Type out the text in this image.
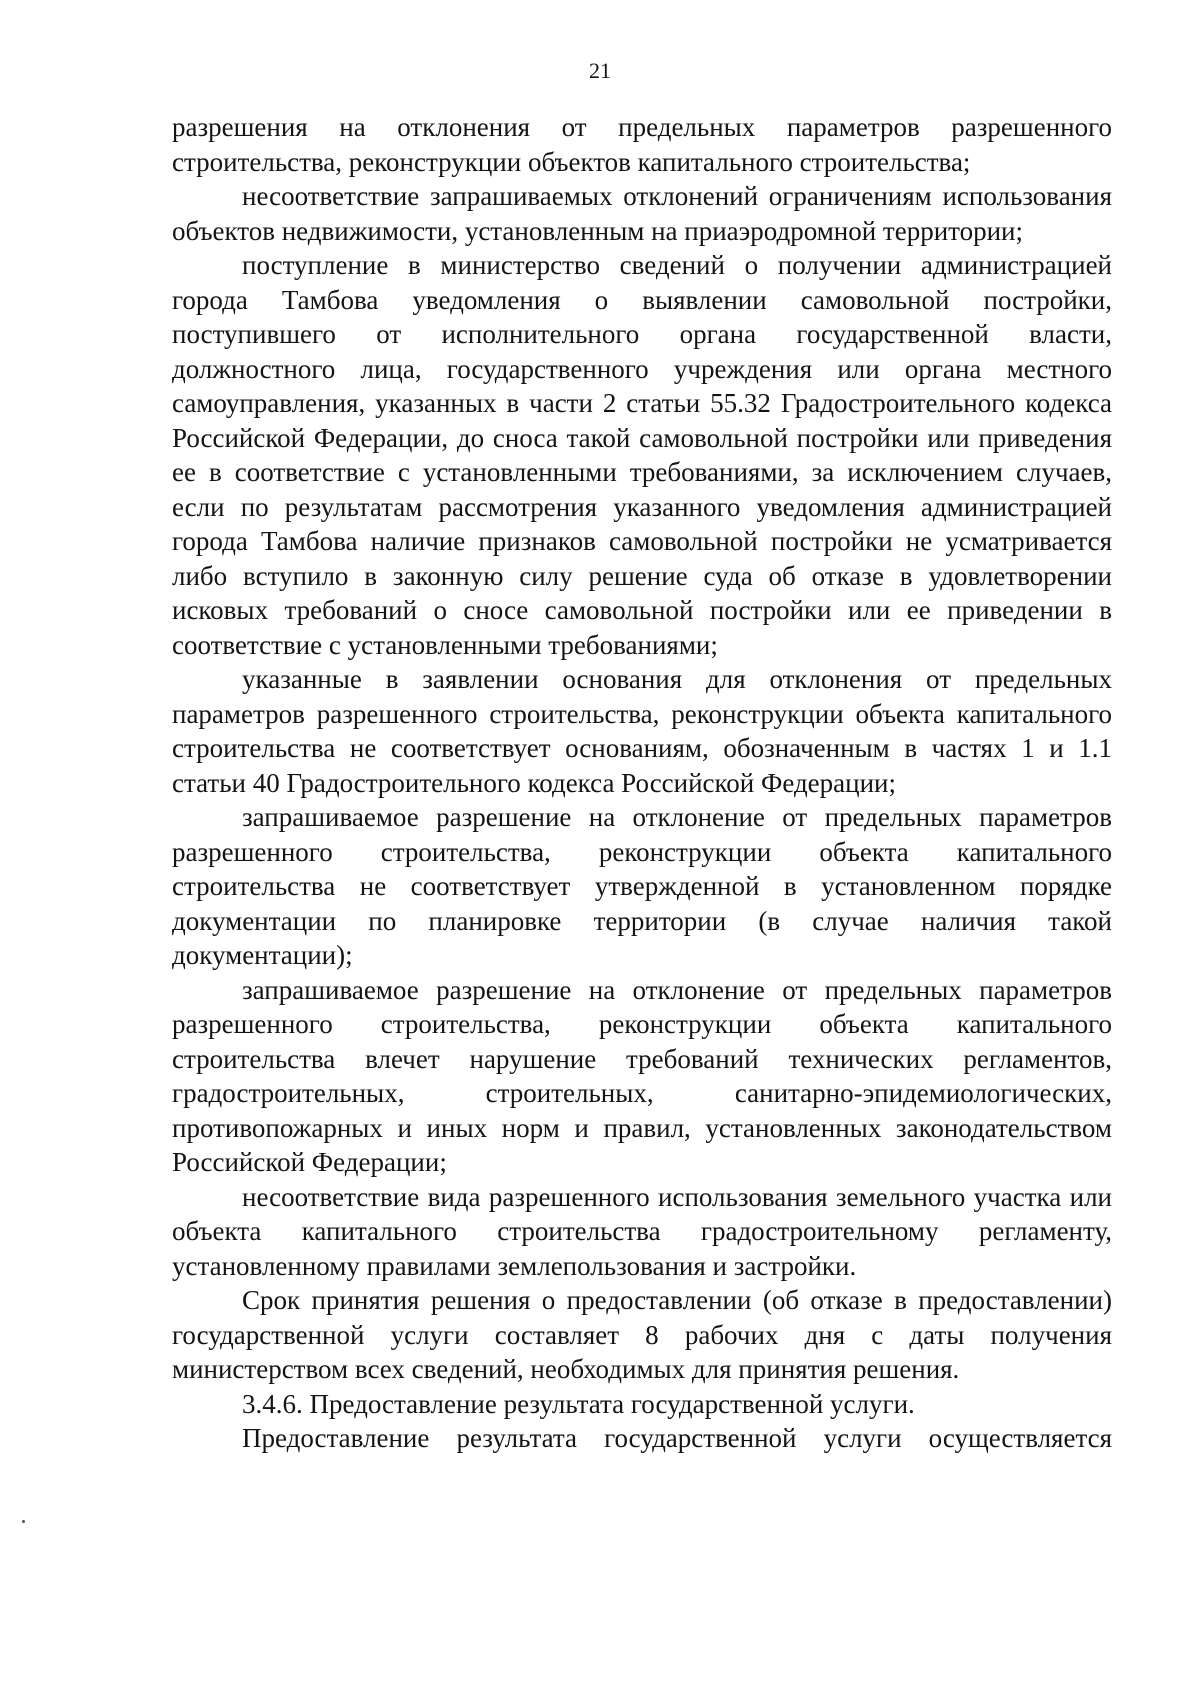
21

разрешения на отклонения от предельных параметров разрешенного строительства, реконструкции объектов капитального строительства;

несоответствие запрашиваемых отклонений ограничениям использования объектов недвижимости, установленным на приаэродромной территории;

поступление в министерство сведений о получении администрацией города Тамбова уведомления о выявлении самовольной постройки, поступившего от исполнительного органа государственной власти, должностного лица, государственного учреждения или органа местного самоуправления, указанных в части 2 статьи 55.32 Градостроительного кодекса Российской Федерации, до сноса такой самовольной постройки или приведения ее в соответствие с установленными требованиями, за исключением случаев, если по результатам рассмотрения указанного уведомления администрацией города Тамбова наличие признаков самовольной постройки не усматривается либо вступило в законную силу решение суда об отказе в удовлетворении исковых требований о сносе самовольной постройки или ее приведении в соответствие с установленными требованиями;

указанные в заявлении основания для отклонения от предельных параметров разрешенного строительства, реконструкции объекта капитального строительства не соответствует основаниям, обозначенным в частях 1 и 1.1 статьи 40 Градостроительного кодекса Российской Федерации;

запрашиваемое разрешение на отклонение от предельных параметров разрешенного строительства, реконструкции объекта капитального строительства не соответствует утвержденной в установленном порядке документации по планировке территории (в случае наличия такой документации);

запрашиваемое разрешение на отклонение от предельных параметров разрешенного строительства, реконструкции объекта капитального строительства влечет нарушение требований технических регламентов, градостроительных, строительных, санитарно-эпидемиологических, противопожарных и иных норм и правил, установленных законодательством Российской Федерации;

несоответствие вида разрешенного использования земельного участка или объекта капитального строительства градостроительному регламенту, установленному правилами землепользования и застройки.

Срок принятия решения о предоставлении (об отказе в предоставлении) государственной услуги составляет 8 рабочих дня с даты получения министерством всех сведений, необходимых для принятия решения.

3.4.6. Предоставление результата государственной услуги.

Предоставление результата государственной услуги осуществляется
